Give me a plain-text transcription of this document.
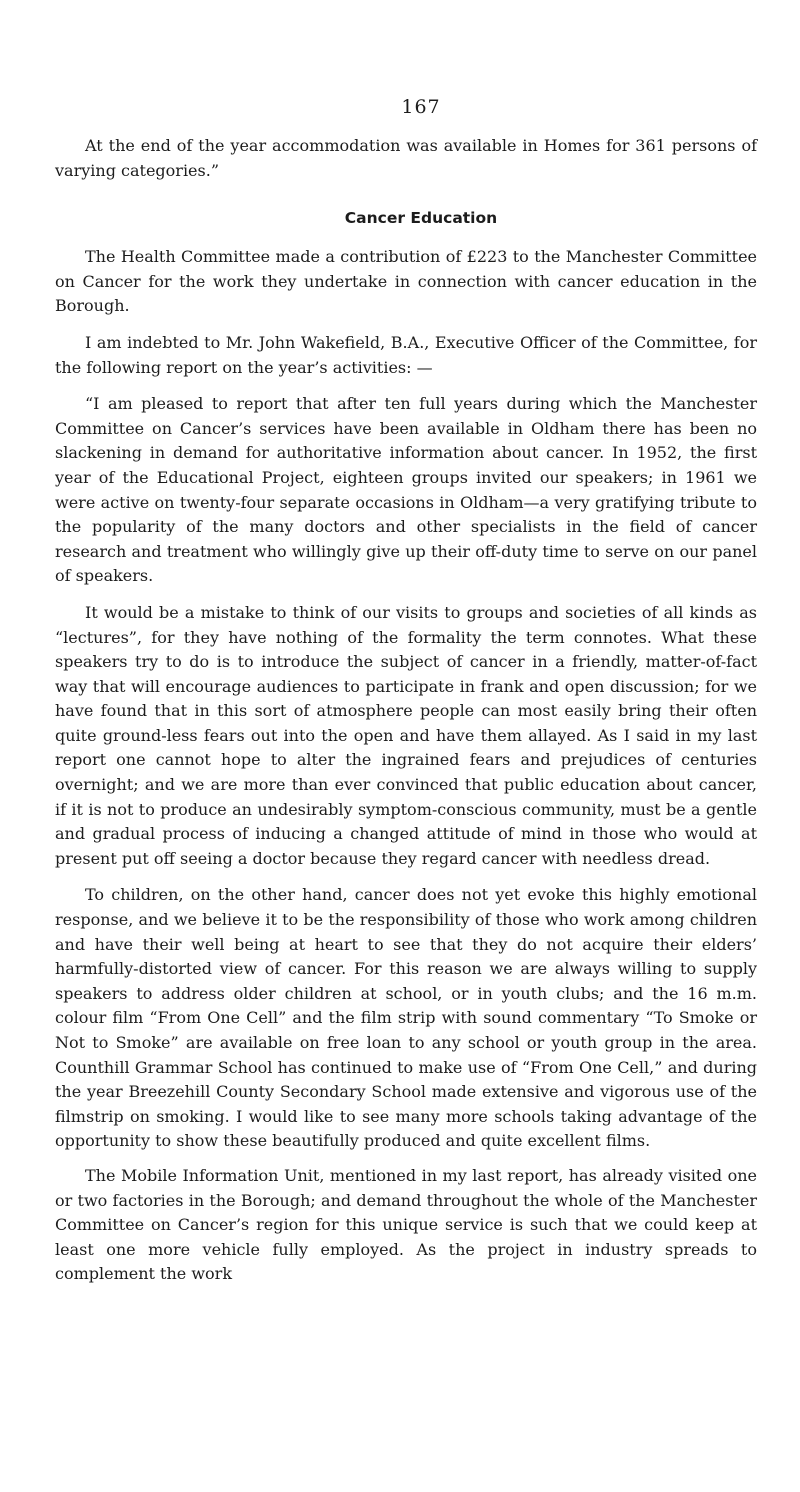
167

At the end of the year accommodation was available in Homes for 361 persons of varying categories.”

Cancer Education

The Health Committee made a contribution of £223 to the Manchester Committee on Cancer for the work they undertake in connection with cancer education in the Borough.

I am indebted to Mr. John Wakefield, B.A., Executive Officer of the Committee, for the following report on the year’s activities: —

“I am pleased to report that after ten full years during which the Manchester Committee on Cancer’s services have been available in Oldham there has been no slackening in demand for authoritative information about cancer. In 1952, the first year of the Educational Project, eighteen groups invited our speakers; in 1961 we were active on twenty-four separate occasions in Oldham—a very gratifying tribute to the popularity of the many doctors and other specialists in the field of cancer research and treatment who willingly give up their off-duty time to serve on our panel of speakers.

It would be a mistake to think of our visits to groups and societies of all kinds as “lectures”, for they have nothing of the formality the term connotes. What these speakers try to do is to introduce the subject of cancer in a friendly, matter-of-fact way that will encourage audiences to participate in frank and open discussion; for we have found that in this sort of atmosphere people can most easily bring their often quite ground-less fears out into the open and have them allayed. As I said in my last report one cannot hope to alter the ingrained fears and prejudices of centuries overnight; and we are more than ever convinced that public education about cancer, if it is not to produce an undesirably symptom-conscious community, must be a gentle and gradual process of inducing a changed attitude of mind in those who would at present put off seeing a doctor because they regard cancer with needless dread.

To children, on the other hand, cancer does not yet evoke this highly emotional response, and we believe it to be the responsibility of those who work among children and have their well being at heart to see that they do not acquire their elders’ harmfully-distorted view of cancer. For this reason we are always willing to supply speakers to address older children at school, or in youth clubs; and the 16 m.m. colour film “From One Cell” and the film strip with sound commentary “To Smoke or Not to Smoke” are available on free loan to any school or youth group in the area. Counthill Grammar School has continued to make use of “From One Cell,” and during the year Breezehill County Secondary School made extensive and vigorous use of the filmstrip on smoking. I would like to see many more schools taking advantage of the opportunity to show these beautifully produced and quite excellent films.

The Mobile Information Unit, mentioned in my last report, has already visited one or two factories in the Borough; and demand throughout the whole of the Manchester Committee on Cancer’s region for this unique service is such that we could keep at least one more vehicle fully employed. As the project in industry spreads to complement the work
